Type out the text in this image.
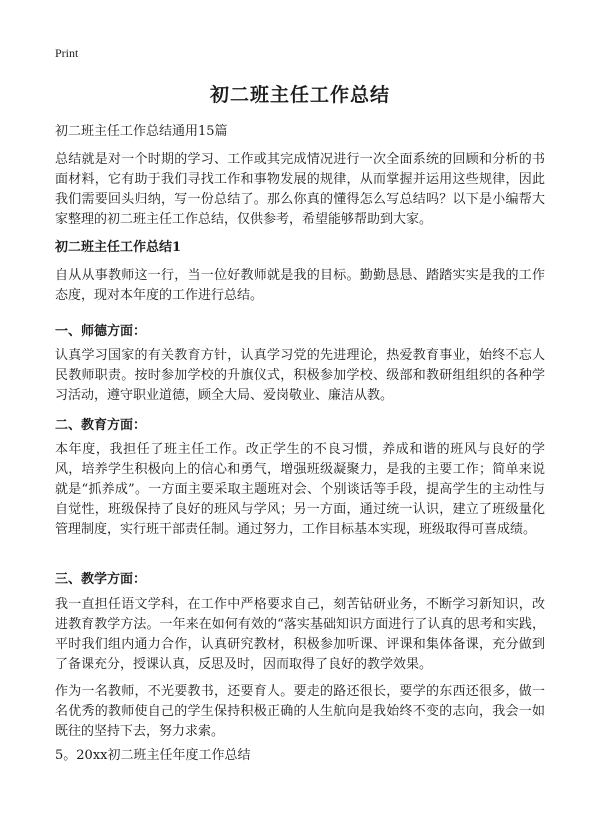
Print
初二班主任工作总结
初二班主任工作总结通用15篇
总结就是对一个时期的学习、工作或其完成情况进行一次全面系统的回顾和分析的书面材料，它有助于我们寻找工作和事物发展的规律，从而掌握并运用这些规律，因此我们需要回头归纳，写一份总结了。那么你真的懂得怎么写总结吗？以下是小编帮大家整理的初二班主任工作总结，仅供参考，希望能够帮助到大家。
初二班主任工作总结1
自从从事教师这一行，当一位好教师就是我的目标。勤勤恳恳、踏踏实实是我的工作态度，现对本年度的工作进行总结。
一、师德方面：
认真学习国家的有关教育方针，认真学习党的先进理论，热爱教育事业，始终不忘人民教师职责。按时参加学校的升旗仪式，积极参加学校、级部和教研组组织的各种学习活动，遵守职业道德，顾全大局、爱岗敬业、廉洁从教。
二、教育方面：
本年度，我担任了班主任工作。改正学生的不良习惯，养成和谐的班风与良好的学风，培养学生积极向上的信心和勇气，增强班级凝聚力，是我的主要工作；简单来说就是“抓养成”。一方面主要采取主题班对会、个别谈话等手段，提高学生的主动性与自觉性，班级保持了良好的班风与学风；另一方面，通过统一认识，建立了班级量化管理制度，实行班干部责任制。通过努力，工作目标基本实现，班级取得可喜成绩。
三、教学方面：
我一直担任语文学科，在工作中严格要求自己，刻苦钻研业务，不断学习新知识，改进教育教学方法。一年来在如何有效的“落实基础知识方面进行了认真的思考和实践，平时我们组内通力合作，认真研究教材，积极参加听课、评课和集体备课，充分做到了备课充分，授课认真，反思及时，因而取得了良好的教学效果。
作为一名教师，不光要教书，还要育人。要走的路还很长，要学的东西还很多，做一名优秀的教师使自己的学生保持积极正确的人生航向是我始终不变的志向，我会一如既往的坚持下去，努力求索。
5。20xx初二班主任年度工作总结
